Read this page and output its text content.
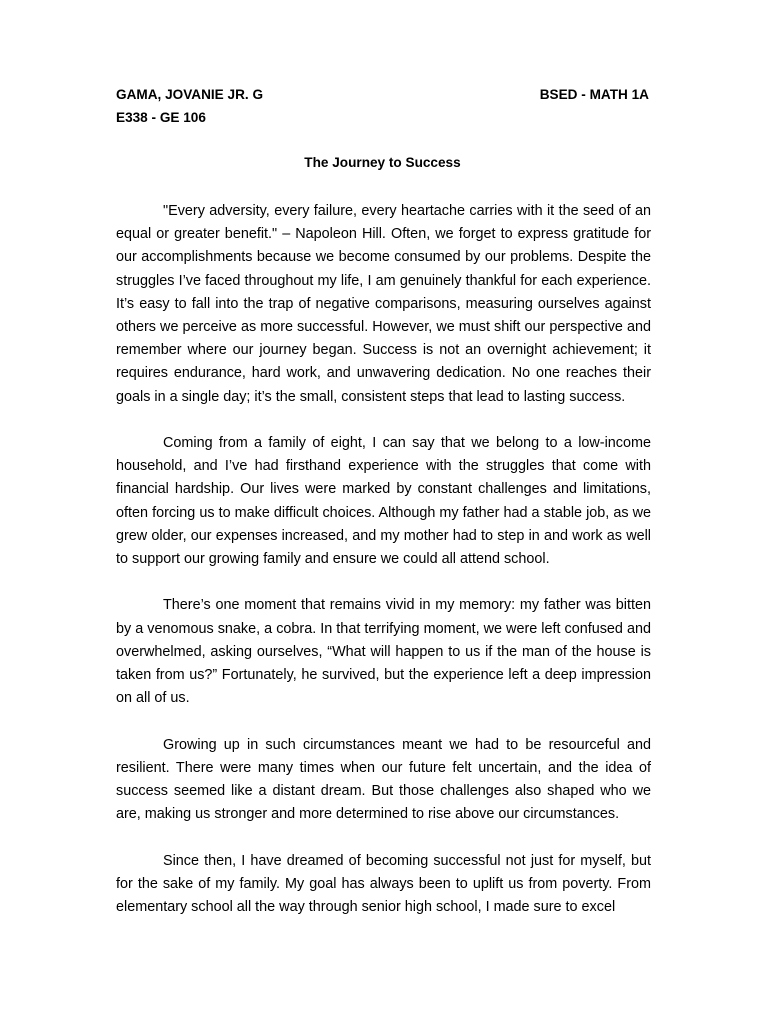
GAMA, JOVANIE JR. G	BSED - MATH 1A
E338 - GE 106
The Journey to Success

"Every adversity, every failure, every heartache carries with it the seed of an equal or greater benefit." – Napoleon Hill. Often, we forget to express gratitude for our accomplishments because we become consumed by our problems. Despite the struggles I’ve faced throughout my life, I am genuinely thankful for each experience. It’s easy to fall into the trap of negative comparisons, measuring ourselves against others we perceive as more successful. However, we must shift our perspective and remember where our journey began. Success is not an overnight achievement; it requires endurance, hard work, and unwavering dedication. No one reaches their goals in a single day; it’s the small, consistent steps that lead to lasting success.

Coming from a family of eight, I can say that we belong to a low-income household, and I’ve had firsthand experience with the struggles that come with financial hardship. Our lives were marked by constant challenges and limitations, often forcing us to make difficult choices. Although my father had a stable job, as we grew older, our expenses increased, and my mother had to step in and work as well to support our growing family and ensure we could all attend school.

There’s one moment that remains vivid in my memory: my father was bitten by a venomous snake, a cobra. In that terrifying moment, we were left confused and overwhelmed, asking ourselves, “What will happen to us if the man of the house is taken from us?” Fortunately, he survived, but the experience left a deep impression on all of us.

Growing up in such circumstances meant we had to be resourceful and resilient. There were many times when our future felt uncertain, and the idea of success seemed like a distant dream. But those challenges also shaped who we are, making us stronger and more determined to rise above our circumstances.

Since then, I have dreamed of becoming successful not just for myself, but for the sake of my family. My goal has always been to uplift us from poverty. From elementary school all the way through senior high school, I made sure to excel
